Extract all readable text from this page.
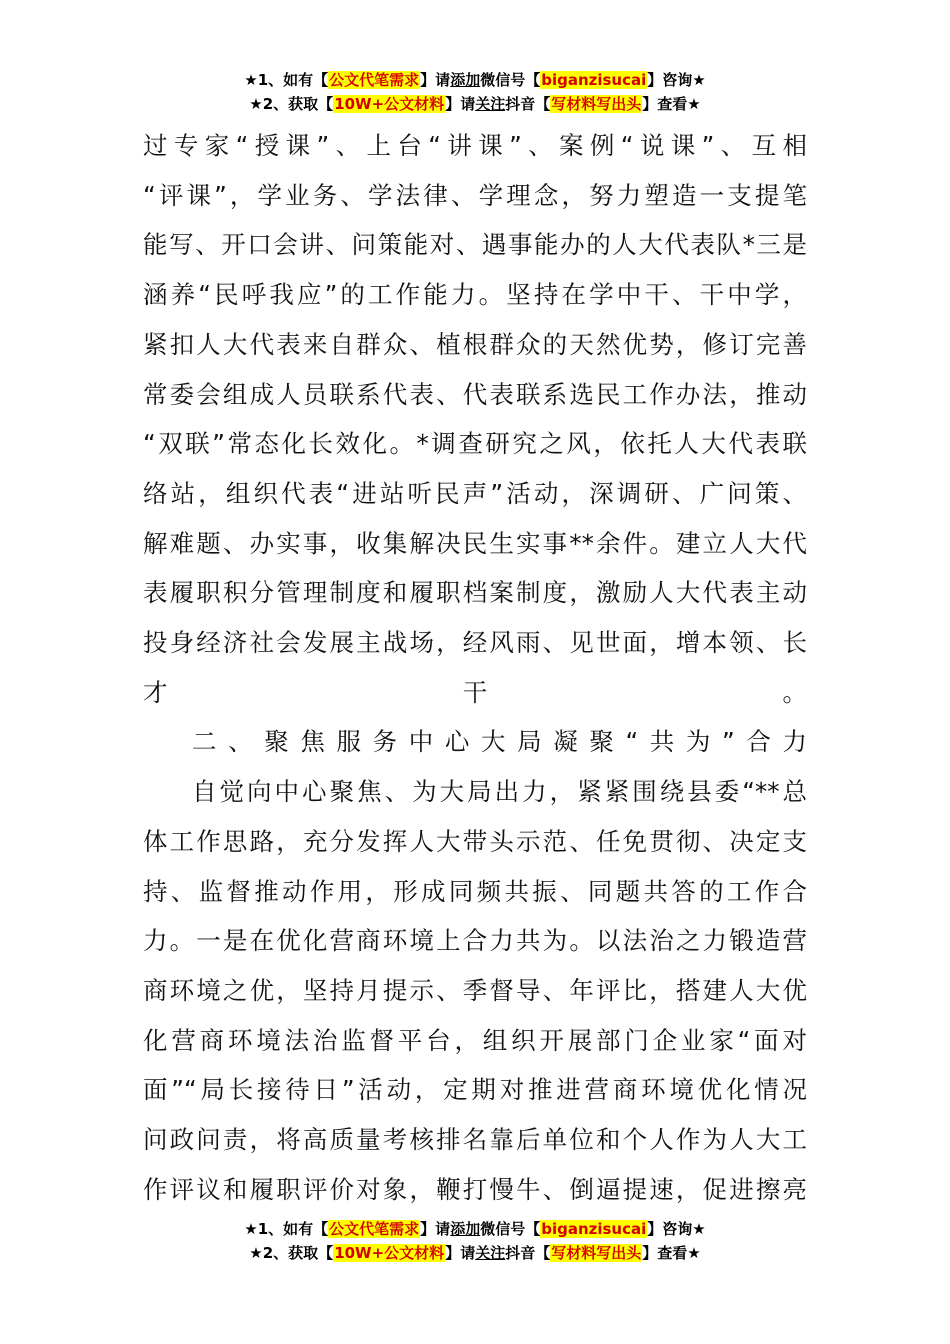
★1、如有【公文代笔需求】请添加微信号【biganzisucai】咨询★
★2、获取【10W+公文材料】请关注抖音【写材料写出头】查看★
过专家“授课”、上台“讲课”、案例“说课”、互相
“评课”，学业务、学法律、学理念，努力塑造一支提笔
能写、开口会讲、问策能对、遇事能办的人大代表队*三是
涵养“民呼我应”的工作能力。坚持在学中干、干中学，
紧扣人大代表来自群众、植根群众的天然优势，修订完善
常委会组成人员联系代表、代表联系选民工作办法，推动
“双联”常态化长效化。*调查研究之风，依托人大代表联
络站，组织代表“进站听民声”活动，深调研、广问策、
解难题、办实事，收集解决民生实事**余件。建立人大代
表履职积分管理制度和履职档案制度，激励人大代表主动
投身经济社会发展主战场，经风雨、见世面，增本领、长
才干。
二、聚焦服务中心大局凝聚“共为”合力
自觉向中心聚焦、为大局出力，紧紧围绕县委“**总
体工作思路，充分发挥人大带头示范、任免贯彻、决定支
持、监督推动作用，形成同频共振、同题共答的工作合
力。一是在优化营商环境上合力共为。以法治之力锻造营
商环境之优，坚持月提示、季督导、年评比，搭建人大优
化营商环境法治监督平台，组织开展部门企业家“面对
面”“局长接待日”活动，定期对推进营商环境优化情况
问政问责，将高质量考核排名靠后单位和个人作为人大工
作评议和履职评价对象，鞭打慢牛、倒逼提速，促进擦亮
★1、如有【公文代笔需求】请添加微信号【biganzisucai】咨询★
★2、获取【10W+公文材料】请关注抖音【写材料写出头】查看★
